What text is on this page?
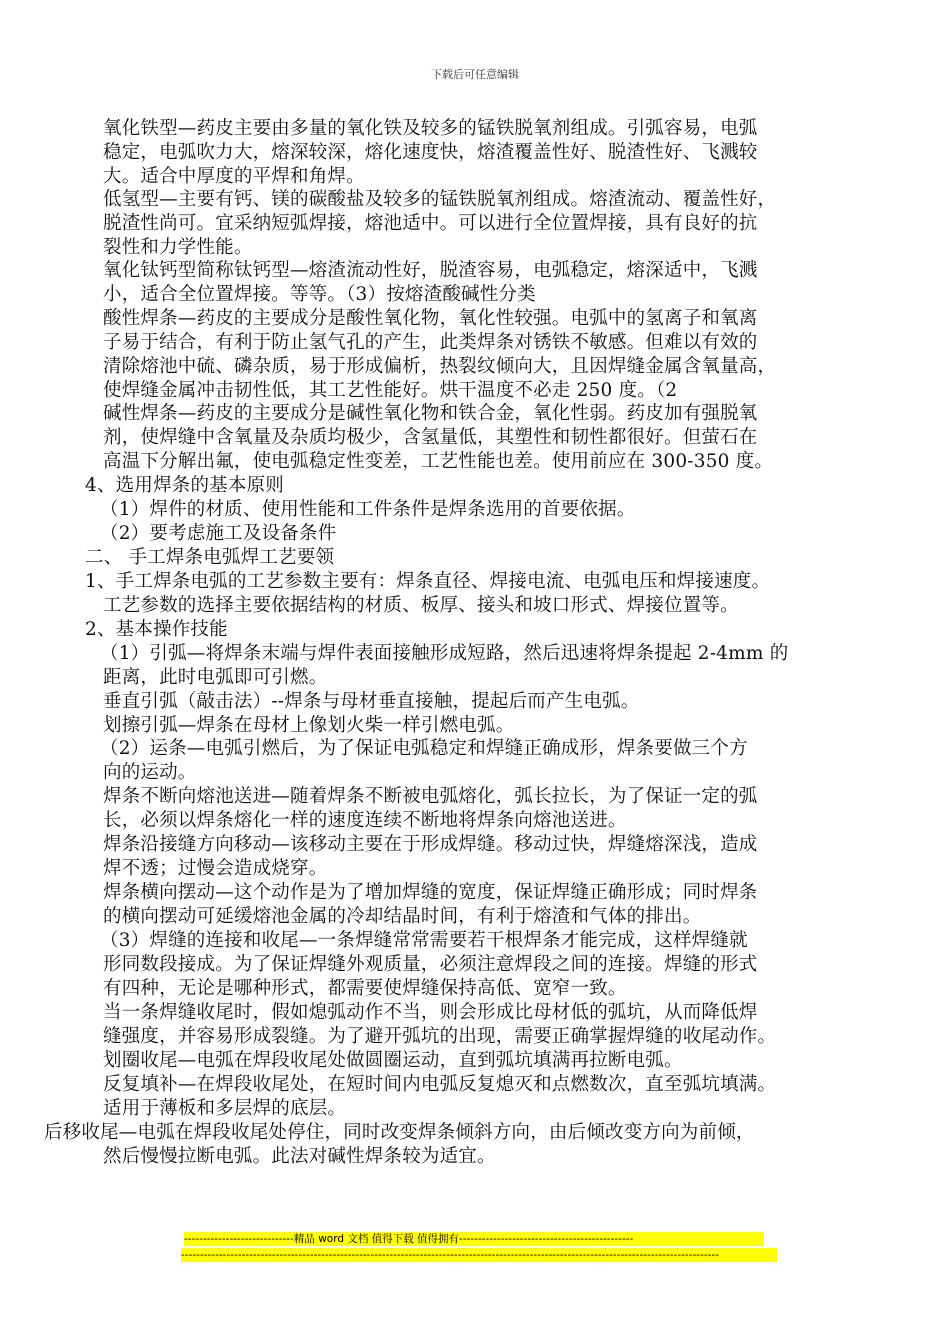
下载后可任意编辑
氧化铁型—药皮主要由多量的氧化铁及较多的锰铁脱氧剂组成。引弧容易，电弧
稳定，电弧吹力大，熔深较深，熔化速度快，熔渣覆盖性好、脱渣性好、飞溅较
大。适合中厚度的平焊和角焊。
低氢型—主要有钙、镁的碳酸盐及较多的锰铁脱氧剂组成。熔渣流动、覆盖性好，
脱渣性尚可。宜采纳短弧焊接，熔池适中。可以进行全位置焊接，具有良好的抗
裂性和力学性能。
氧化钛钙型简称钛钙型—熔渣流动性好，脱渣容易，电弧稳定，熔深适中，飞溅
小，适合全位置焊接。等等。（3）按熔渣酸碱性分类
酸性焊条—药皮的主要成分是酸性氧化物，氧化性较强。电弧中的氢离子和氧离
子易于结合，有利于防止氢气孔的产生，此类焊条对锈铁不敏感。但难以有效的
清除熔池中硫、磷杂质，易于形成偏析，热裂纹倾向大，且因焊缝金属含氧量高，
使焊缝金属冲击韧性低，其工艺性能好。烘干温度不必走 250 度。（2
碱性焊条—药皮的主要成分是碱性氧化物和铁合金，氧化性弱。药皮加有强脱氧
剂，使焊缝中含氧量及杂质均极少，含氢量低，其塑性和韧性都很好。但萤石在
高温下分解出氟，使电弧稳定性变差，工艺性能也差。使用前应在 300-350 度。
4、选用焊条的基本原则
（1）焊件的材质、使用性能和工件条件是焊条选用的首要依据。
（2）要考虑施工及设备条件
二、 手工焊条电弧焊工艺要领
1、手工焊条电弧的工艺参数主要有：焊条直径、焊接电流、电弧电压和焊接速度。
工艺参数的选择主要依据结构的材质、板厚、接头和坡口形式、焊接位置等。
2、基本操作技能
（1）引弧—将焊条末端与焊件表面接触形成短路，然后迅速将焊条提起 2-4mm 的
距离，此时电弧即可引燃。
垂直引弧（敲击法）--焊条与母材垂直接触，提起后而产生电弧。
划擦引弧—焊条在母材上像划火柴一样引燃电弧。
（2）运条—电弧引燃后，为了保证电弧稳定和焊缝正确成形，焊条要做三个方
向的运动。
焊条不断向熔池送进—随着焊条不断被电弧熔化，弧长拉长，为了保证一定的弧
长，必须以焊条熔化一样的速度连续不断地将焊条向熔池送进。
焊条沿接缝方向移动—该移动主要在于形成焊缝。移动过快，焊缝熔深浅，造成
焊不透；过慢会造成烧穿。
焊条横向摆动—这个动作是为了增加焊缝的宽度，保证焊缝正确形成；同时焊条
的横向摆动可延缓熔池金属的冷却结晶时间，有利于熔渣和气体的排出。
（3）焊缝的连接和收尾—一条焊缝常常需要若干根焊条才能完成，这样焊缝就
形同数段接成。为了保证焊缝外观质量，必须注意焊段之间的连接。焊缝的形式
有四种，无论是哪种形式，都需要使焊缝保持高低、宽窄一致。
当一条焊缝收尾时，假如熄弧动作不当，则会形成比母材低的弧坑，从而降低焊
缝强度，并容易形成裂缝。为了避开弧坑的出现，需要正确掌握焊缝的收尾动作。
划圈收尾—电弧在焊段收尾处做圆圈运动，直到弧坑填满再拉断电弧。
反复填补—在焊段收尾处，在短时间内电弧反复熄灭和点燃数次，直至弧坑填满。
适用于薄板和多层焊的底层。
后移收尾—电弧在焊段收尾处停住，同时改变焊条倾斜方向，由后倾改变方向为前倾，
然后慢慢拉断电弧。此法对碱性焊条较为适宜。
-----------------------------精品 word 文档 值得下载 值得拥有----------------------------------------------
----------------------------------------------------------------------------------------------------------------------------------------------
